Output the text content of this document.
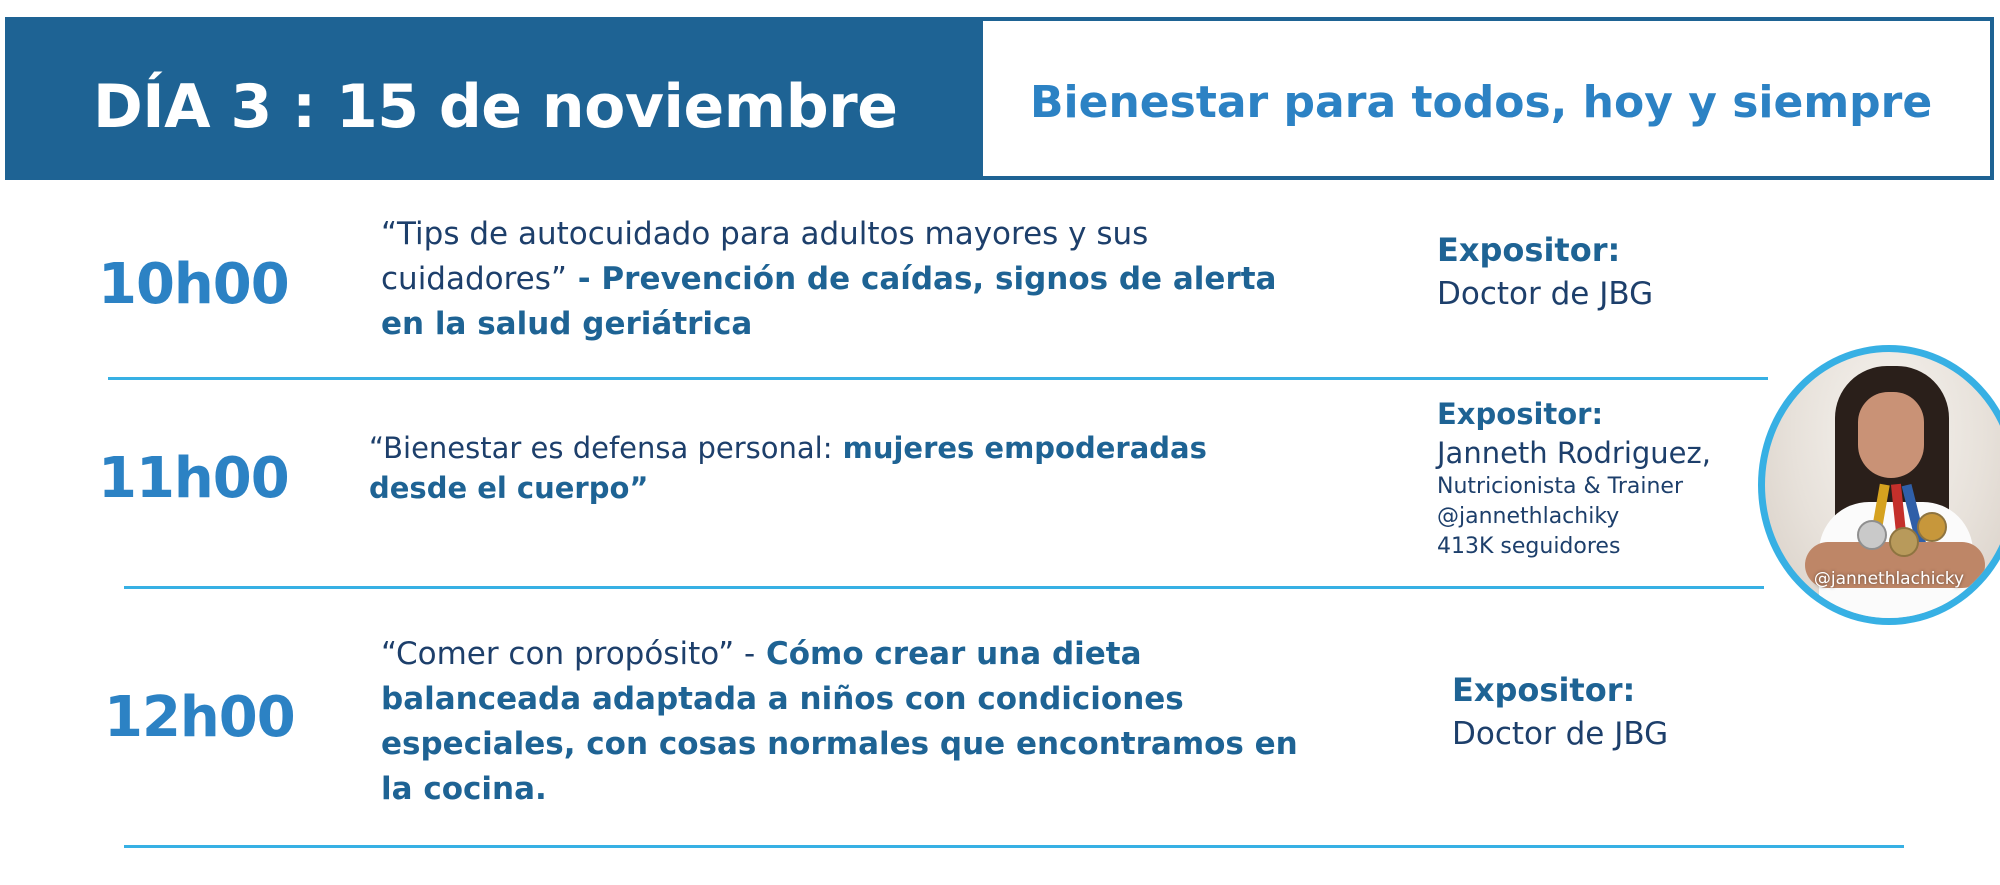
DÍA 3 : 15 de noviembre	Bienestar para todos, hoy y siempre
10h00
“Tips de autocuidado para adultos mayores y sus cuidadores” - Prevención de caídas, signos de alerta en la salud geriátrica
Expositor:
Doctor de JBG
11h00	“Bienestar es defensa personal: mujeres empoderadas desde el cuerpo”
Expositor:
Janneth Rodriguez,
Nutricionista & Trainer
@jannethlachiky
413K seguidores
@jannethlachicky
12h00
“Comer con propósito” - Cómo crear una dieta balanceada adaptada a niños con condiciones especiales, con cosas normales que encontramos en la cocina.
Expositor:
Doctor de JBG
